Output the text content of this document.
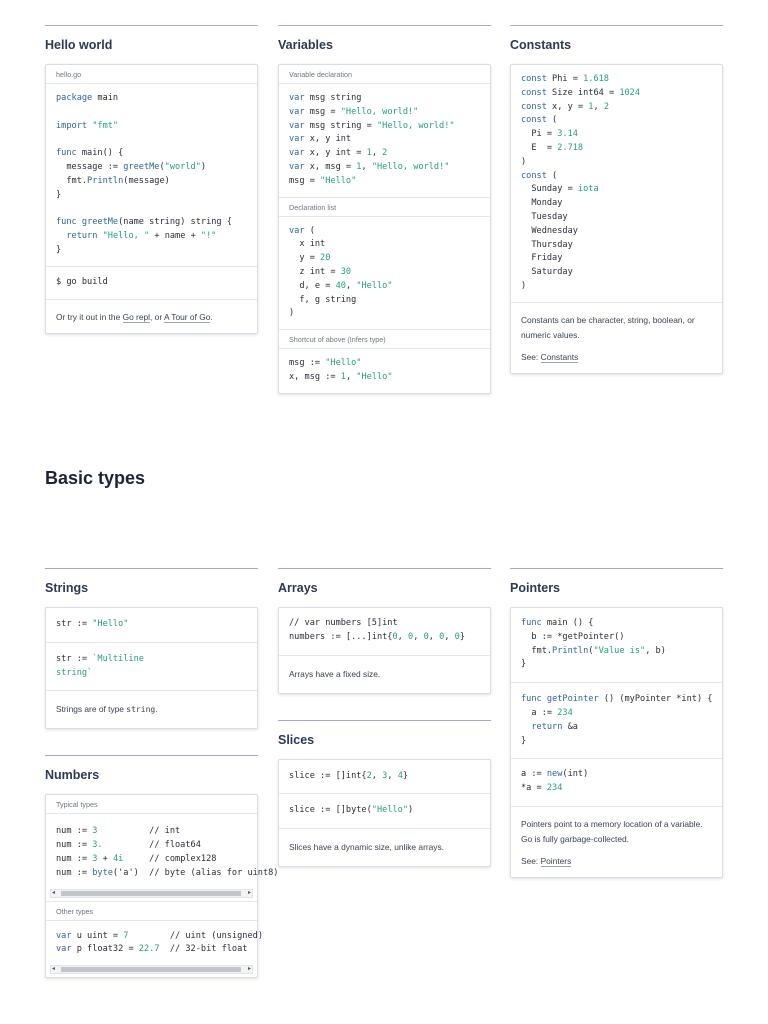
Hello world
hello.go
package main
import "fmt"
func main() {
message := greetMe("world")
fmt.Println(message)
}
func greetMe(name string) string {
return "Hello, " + name + "!"
}
$ go build
Or try it out in the Go repl, or A Tour of Go.
Variables
Variable declaration
var msg string
var msg = "Hello, world!"
var msg string = "Hello, world!"
var x, y int
var x, y int = 1, 2
var x, msg = 1, "Hello, world!"
msg = "Hello"
Declaration list
var (
x int
y = 20
z int = 30
d, e = 40, "Hello"
f, g string
)
Shortcut of above (Infers type)
msg := "Hello"
x, msg := 1, "Hello"
Constants
const Phi = 1.618
const Size int64 = 1024
const x, y = 1, 2
const (
Pi = 3.14
E  = 2.718
)
const (
Sunday = iota
Monday
Tuesday
Wednesday
Thursday
Friday
Saturday
)

Constants can be character, string, boolean, or numeric values.

See: Constants

Basic types
Strings
str := "Hello"
str := `Multiline
string`
Strings are of type string.
Numbers
Typical types
num := 3          // int
num := 3.         // float64
num := 3 + 4i     // complex128
num := byte('a')  // byte (alias for uint8)
◂	▸
Other types
var u uint = 7        // uint (unsigned)
var p float32 = 22.7  // 32-bit float
◂	▸
Arrays
// var numbers [5]int
numbers := [...]int{0, 0, 0, 0, 0}
Arrays have a fixed size.
Slices
slice := []int{2, 3, 4}
slice := []byte("Hello")
Slices have a dynamic size, unlike arrays.
Pointers
func main () {
b := *getPointer()
fmt.Println("Value is", b)
}
func getPointer () (myPointer *int) {
a := 234
return &a
}
a := new(int)
*a = 234

Pointers point to a memory location of a variable. Go is fully garbage-collected.

See: Pointers
